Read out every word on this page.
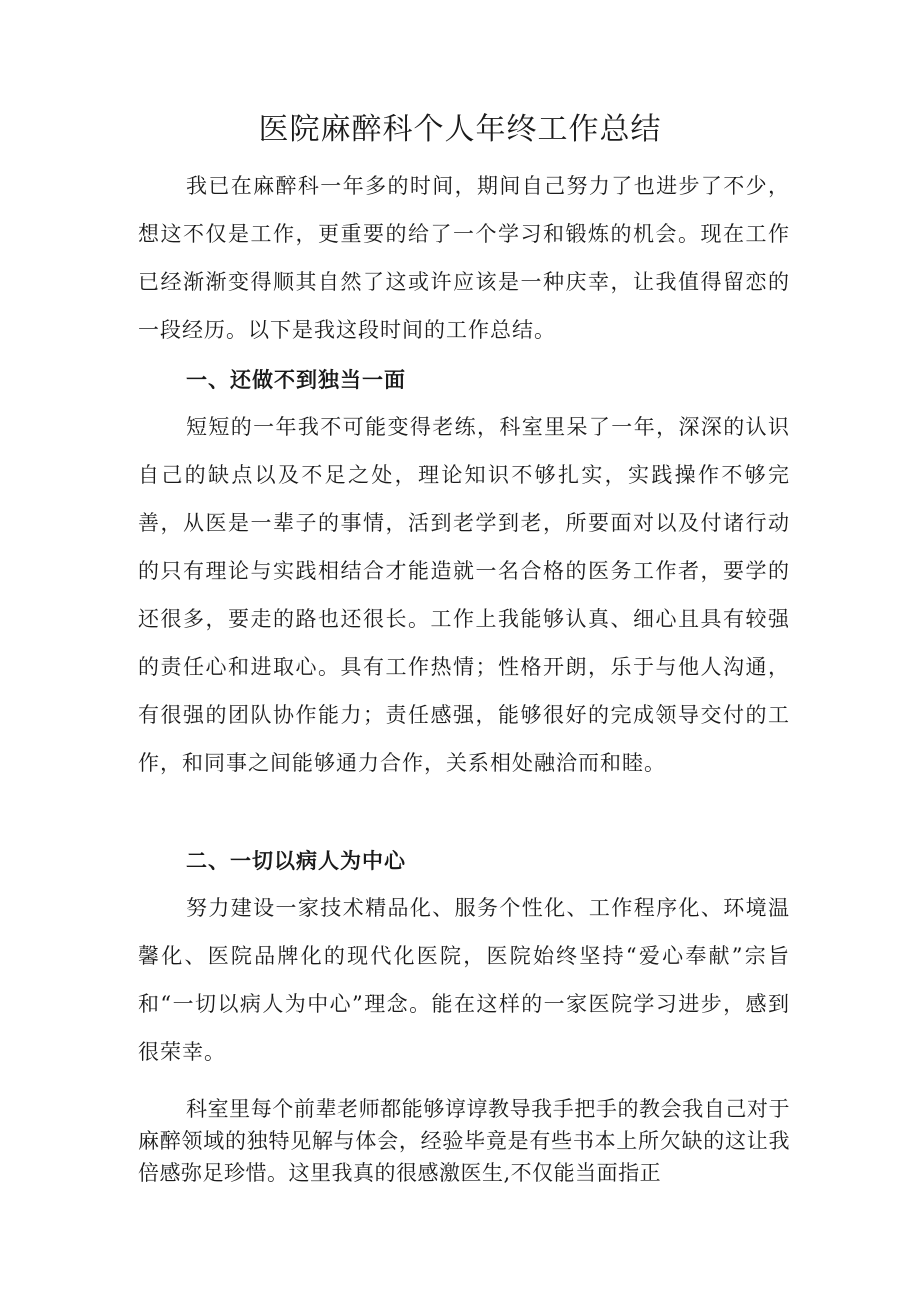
医院麻醉科个人年终工作总结

我已在麻醉科一年多的时间，期间自己努力了也进步了不少，想这不仅是工作，更重要的给了一个学习和锻炼的机会。现在工作已经渐渐变得顺其自然了这或许应该是一种庆幸，让我值得留恋的一段经历。以下是我这段时间的工作总结。

一、还做不到独当一面

短短的一年我不可能变得老练，科室里呆了一年，深深的认识自己的缺点以及不足之处，理论知识不够扎实，实践操作不够完善，从医是一辈子的事情，活到老学到老，所要面对以及付诸行动的只有理论与实践相结合才能造就一名合格的医务工作者，要学的还很多，要走的路也还很长。工作上我能够认真、细心且具有较强的责任心和进取心。具有工作热情；性格开朗，乐于与他人沟通，有很强的团队协作能力；责任感强，能够很好的完成领导交付的工作，和同事之间能够通力合作，关系相处融洽而和睦。

二、一切以病人为中心

努力建设一家技术精品化、服务个性化、工作程序化、环境温馨化、医院品牌化的现代化医院，医院始终坚持“爱心奉献”宗旨和“一切以病人为中心”理念。能在这样的一家医院学习进步，感到很荣幸。

科室里每个前辈老师都能够谆谆教导我手把手的教会我自己对于麻醉领域的独特见解与体会，经验毕竟是有些书本上所欠缺的这让我倍感弥足珍惜。这里我真的很感激医生,不仅能当面指正
